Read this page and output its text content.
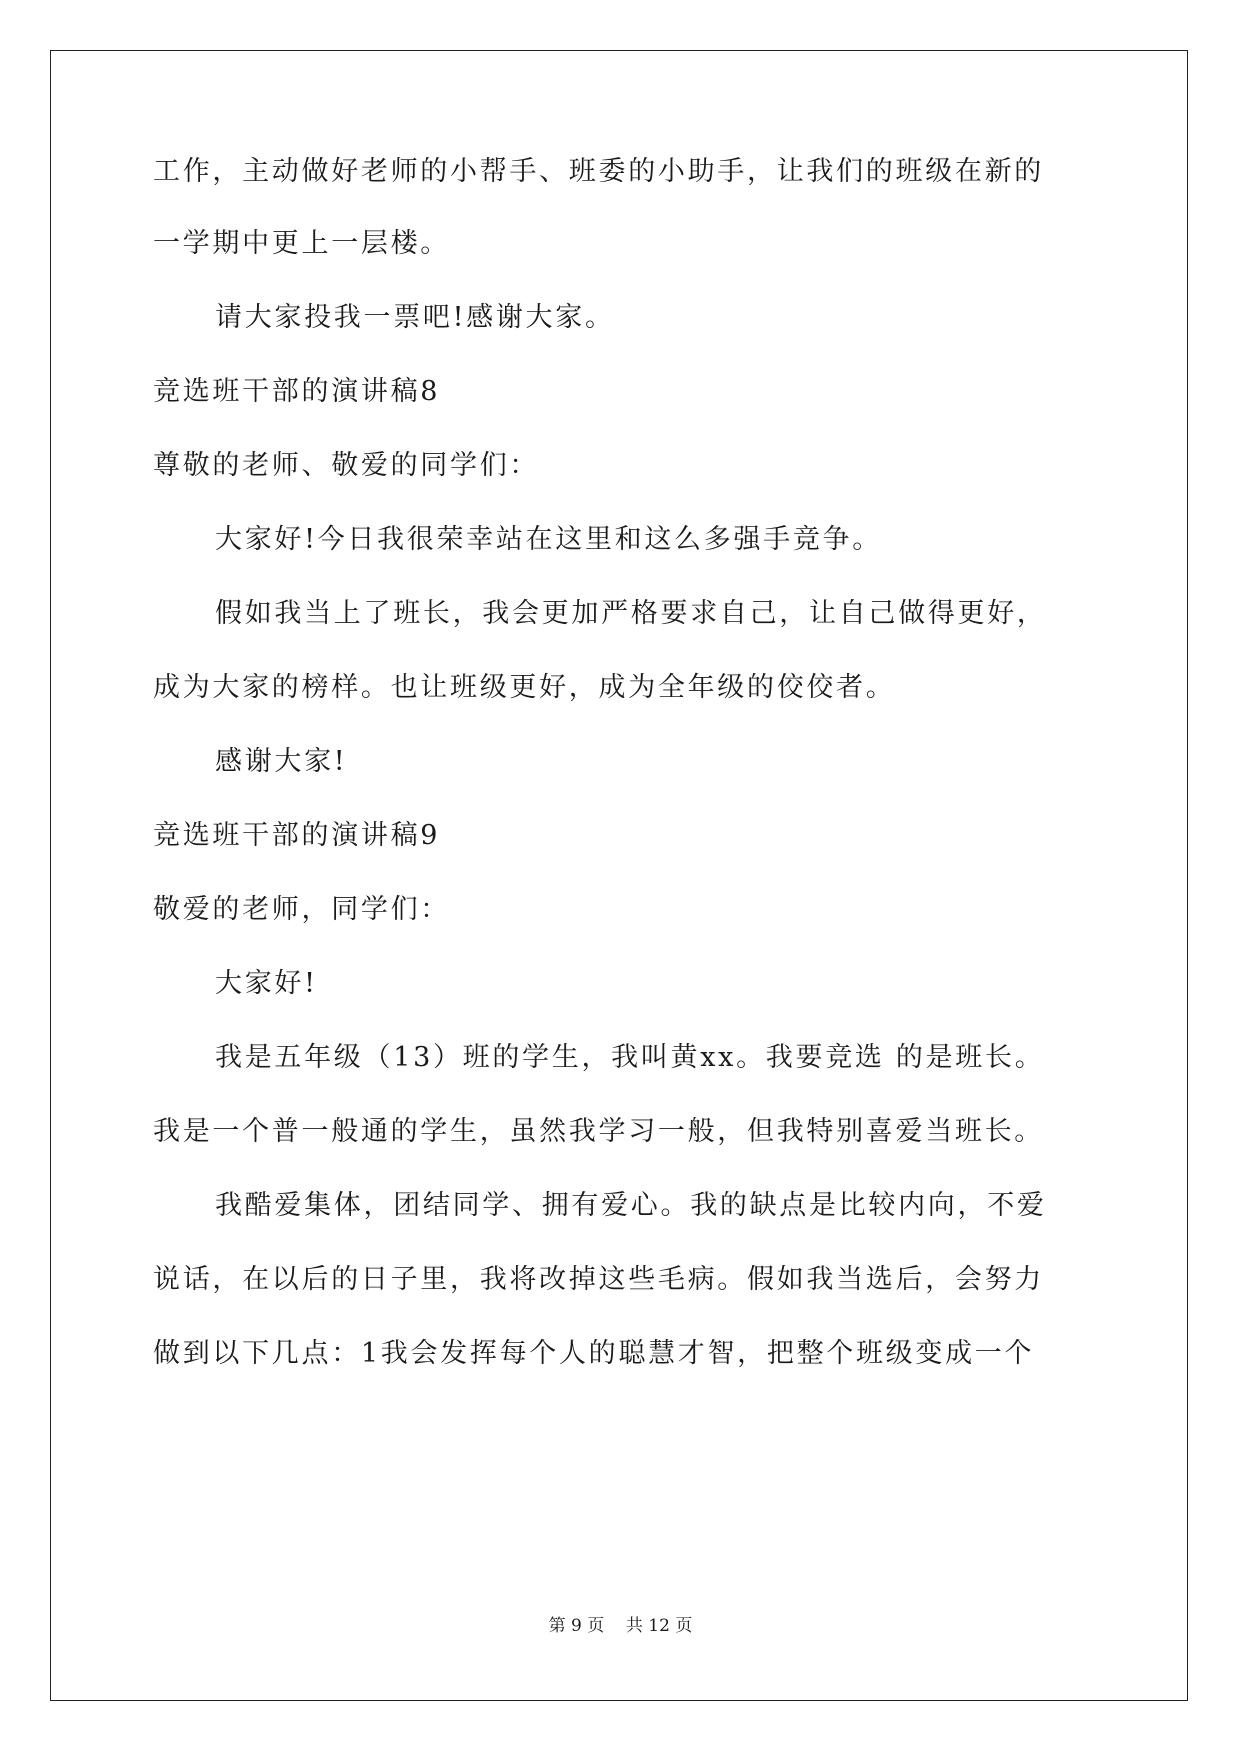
工作，主动做好老师的小帮手、班委的小助手，让我们的班级在新的
一学期中更上一层楼。
请大家投我一票吧!感谢大家。
竞选班干部的演讲稿8
尊敬的老师、敬爱的同学们：
大家好!今日我很荣幸站在这里和这么多强手竞争。
假如我当上了班长，我会更加严格要求自己，让自己做得更好，
成为大家的榜样。也让班级更好，成为全年级的佼佼者。
感谢大家!
竞选班干部的演讲稿9
敬爱的老师，同学们：
大家好!
我是五年级（13）班的学生，我叫黄xx。我要竞选 的是班长。
我是一个普一般通的学生，虽然我学习一般，但我特别喜爱当班长。
我酷爱集体，团结同学、拥有爱心。我的缺点是比较内向，不爱
说话，在以后的日子里，我将改掉这些毛病。假如我当选后，会努力
做到以下几点：1我会发挥每个人的聪慧才智，把整个班级变成一个
第 9 页    共 12 页
